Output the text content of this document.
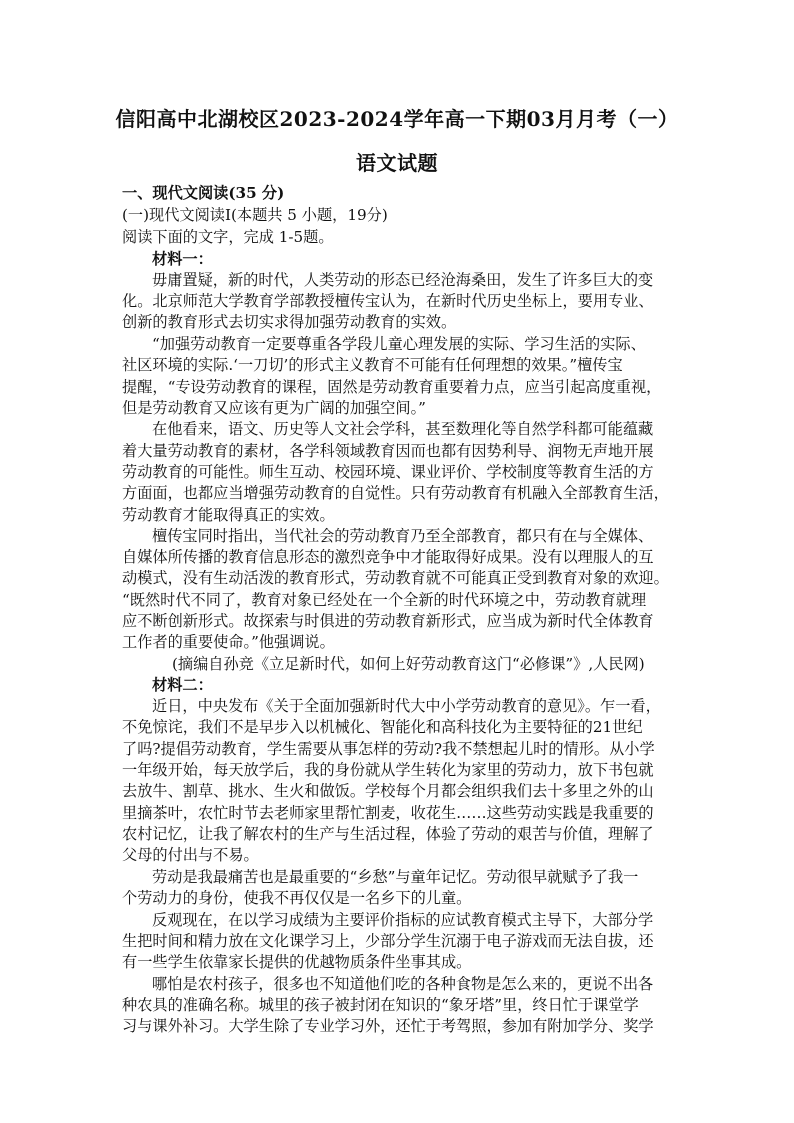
信阳高中北湖校区2023-2024学年高一下期03月月考（一）
语文试题
一、现代文阅读(35 分)
(一)现代文阅读I(本题共 5 小题，19分)
阅读下面的文字，完成 1-5题。
材料一：
毋庸置疑，新的时代，人类劳动的形态已经沧海桑田，发生了许多巨大的变
化。北京师范大学教育学部教授檀传宝认为，在新时代历史坐标上，要用专业、
创新的教育形式去切实求得加强劳动教育的实效。
“加强劳动教育一定要尊重各学段儿童心理发展的实际、学习生活的实际、
社区环境的实际.‘一刀切’的形式主义教育不可能有任何理想的效果。”檀传宝
提醒，“专设劳动教育的课程，固然是劳动教育重要着力点，应当引起高度重视，
但是劳动教育又应该有更为广阔的加强空间。”
在他看来，语文、历史等人文社会学科，甚至数理化等自然学科都可能蕴藏
着大量劳动教育的素材，各学科领域教育因而也都有因势利导、润物无声地开展
劳动教育的可能性。师生互动、校园环境、课业评价、学校制度等教育生活的方
方面面，也都应当增强劳动教育的自觉性。只有劳动教育有机融入全部教育生活，
劳动教育才能取得真正的实效。
檀传宝同时指出，当代社会的劳动教育乃至全部教育，都只有在与全媒体、
自媒体所传播的教育信息形态的激烈竞争中才能取得好成果。没有以理服人的互
动模式，没有生动活泼的教育形式，劳动教育就不可能真正受到教育对象的欢迎。
“既然时代不同了，教育对象已经处在一个全新的时代环境之中，劳动教育就理
应不断创新形式。故探索与时俱进的劳动教育新形式，应当成为新时代全体教育
工作者的重要使命。”他强调说。
(摘编自孙竞《立足新时代，如何上好劳动教育这门“必修课”》,人民网)
材料二：
近日，中央发布《关于全面加强新时代大中小学劳动教育的意见》。乍一看，
不免惊诧，我们不是早步入以机械化、智能化和高科技化为主要特征的21世纪
了吗?提倡劳动教育，学生需要从事怎样的劳动?我不禁想起儿时的情形。从小学
一年级开始，每天放学后，我的身份就从学生转化为家里的劳动力，放下书包就
去放牛、割草、挑水、生火和做饭。学校每个月都会组织我们去十多里之外的山
里摘茶叶，农忙时节去老师家里帮忙割麦，收花生……这些劳动实践是我重要的
农村记忆，让我了解农村的生产与生活过程，体验了劳动的艰苦与价值，理解了
父母的付出与不易。
劳动是我最痛苦也是最重要的“乡愁”与童年记忆。劳动很早就赋予了我一
个劳动力的身份，使我不再仅仅是一名乡下的儿童。
反观现在，在以学习成绩为主要评价指标的应试教育模式主导下，大部分学
生把时间和精力放在文化课学习上，少部分学生沉溺于电子游戏而无法自拔，还
有一些学生依靠家长提供的优越物质条件坐事其成。
哪怕是农村孩子，很多也不知道他们吃的各种食物是怎么来的，更说不出各
种农具的准确名称。城里的孩子被封闭在知识的“象牙塔”里，终日忙于课堂学
习与课外补习。大学生除了专业学习外，还忙于考驾照，参加有附加学分、奖学
